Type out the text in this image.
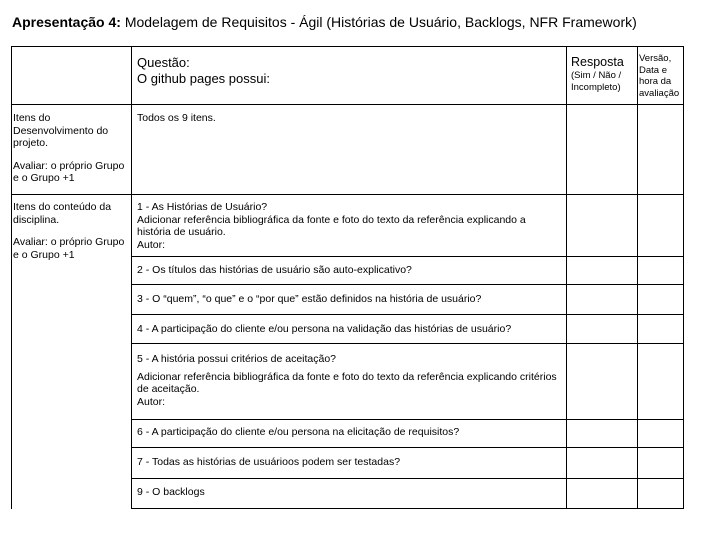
Apresentação 4: Modelagem de Requisitos - Ágil (Histórias de Usuário, Backlogs, NFR Framework)

Questão:

O github pages possui:

Resposta

(Sim / Não / Incompleto)

Versão, Data e hora da avaliação

Itens do Desenvolvimento do projeto.

Avaliar: o próprio Grupo e o Grupo +1

Todos os 9 itens.

Itens do conteúdo da disciplina.

Avaliar: o próprio Grupo e o Grupo +1

1 - As Histórias de Usuário?

Adicionar referência bibliográfica da fonte e foto do texto da referência explicando a história de usuário.

Autor:

2 - Os títulos das histórias de usuário são auto-explicativo?

3 - O “quem”, “o que” e o “por que” estão definidos na história de usuário?

4 - A participação do cliente e/ou persona na validação das histórias de usuário?

5 - A história possui critérios de aceitação?

Adicionar referência bibliográfica da fonte e foto do texto da referência explicando critérios de aceitação.

Autor:

6 - A participação do cliente e/ou persona na elicitação de requisitos?

7 - Todas as histórias de usuárioos podem ser testadas?

9 - O backlogs
